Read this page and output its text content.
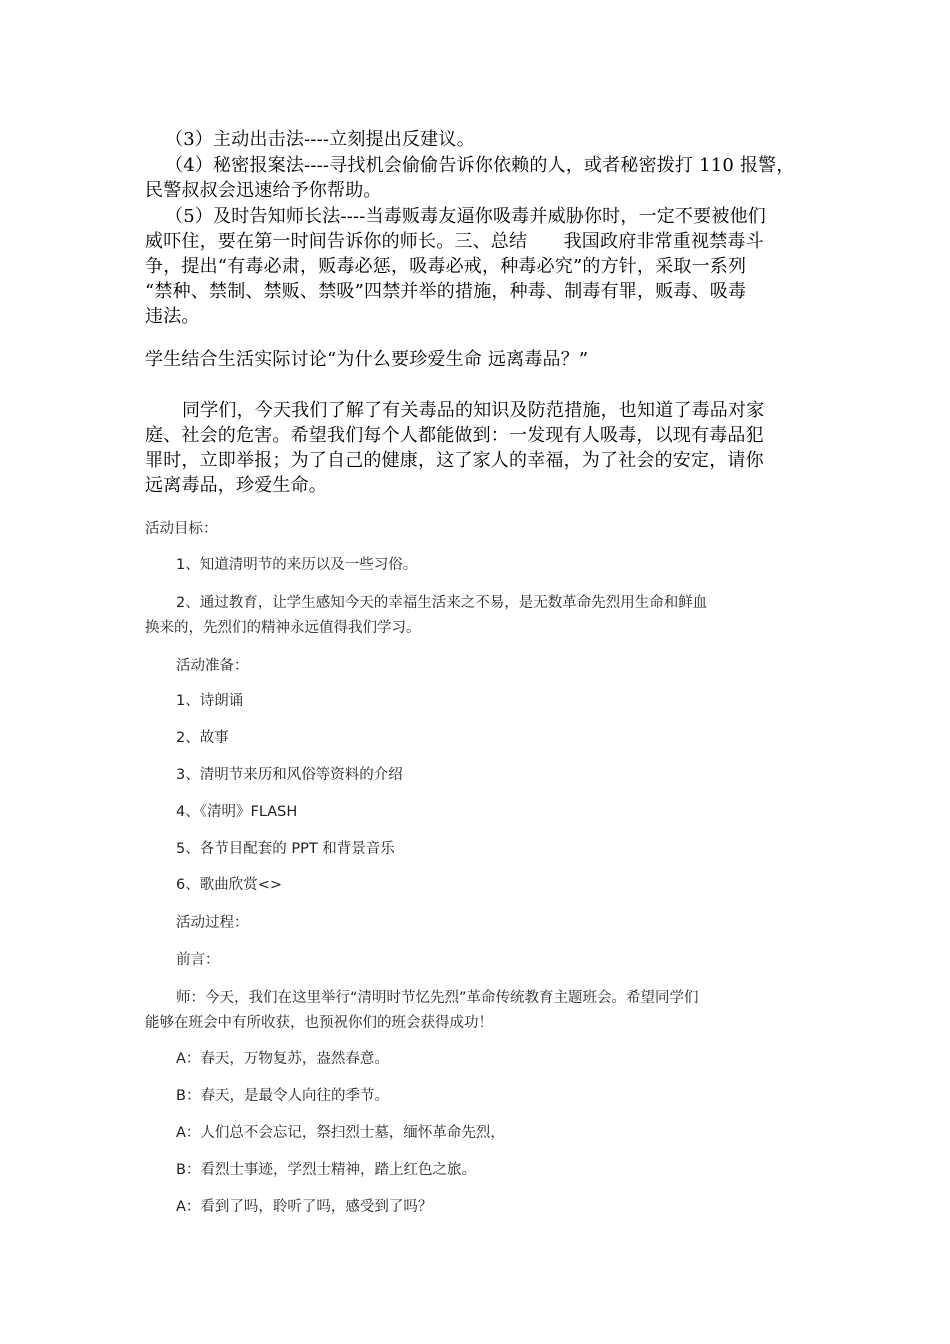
（3）主动出击法----立刻提出反建议。
（4）秘密报案法----寻找机会偷偷告诉你依赖的人，或者秘密拨打 110 报警，
民警叔叔会迅速给予你帮助。
（5）及时告知师长法----当毒贩毒友逼你吸毒并威胁你时，一定不要被他们
威吓住，要在第一时间告诉你的师长。三、总结　　我国政府非常重视禁毒斗
争，提出“有毒必肃，贩毒必惩，吸毒必戒，种毒必究”的方针，采取一系列
“禁种、禁制、禁贩、禁吸”四禁并举的措施，种毒、制毒有罪，贩毒、吸毒
违法。
学生结合生活实际讨论“为什么要珍爱生命 远离毒品？”
同学们，今天我们了解了有关毒品的知识及防范措施，也知道了毒品对家
庭、社会的危害。希望我们每个人都能做到：一发现有人吸毒，以现有毒品犯
罪时，立即举报；为了自己的健康，这了家人的幸福，为了社会的安定，请你
远离毒品，珍爱生命。
活动目标：
1、知道清明节的来历以及一些习俗。
2、通过教育，让学生感知今天的幸福生活来之不易，是无数革命先烈用生命和鲜血
换来的，先烈们的精神永远值得我们学习。
活动准备：
1、诗朗诵
2、故事
3、清明节来历和风俗等资料的介绍
4、《清明》FLASH
5、各节目配套的 PPT 和背景音乐
6、歌曲欣赏<>
活动过程：
前言：
师：今天，我们在这里举行“清明时节忆先烈”革命传统教育主题班会。希望同学们
能够在班会中有所收获，也预祝你们的班会获得成功！
A：春天，万物复苏，盎然春意。
B：春天，是最令人向往的季节。
A：人们总不会忘记，祭扫烈士墓，缅怀革命先烈，
B：看烈士事迹，学烈士精神，踏上红色之旅。
A：看到了吗，聆听了吗，感受到了吗？
